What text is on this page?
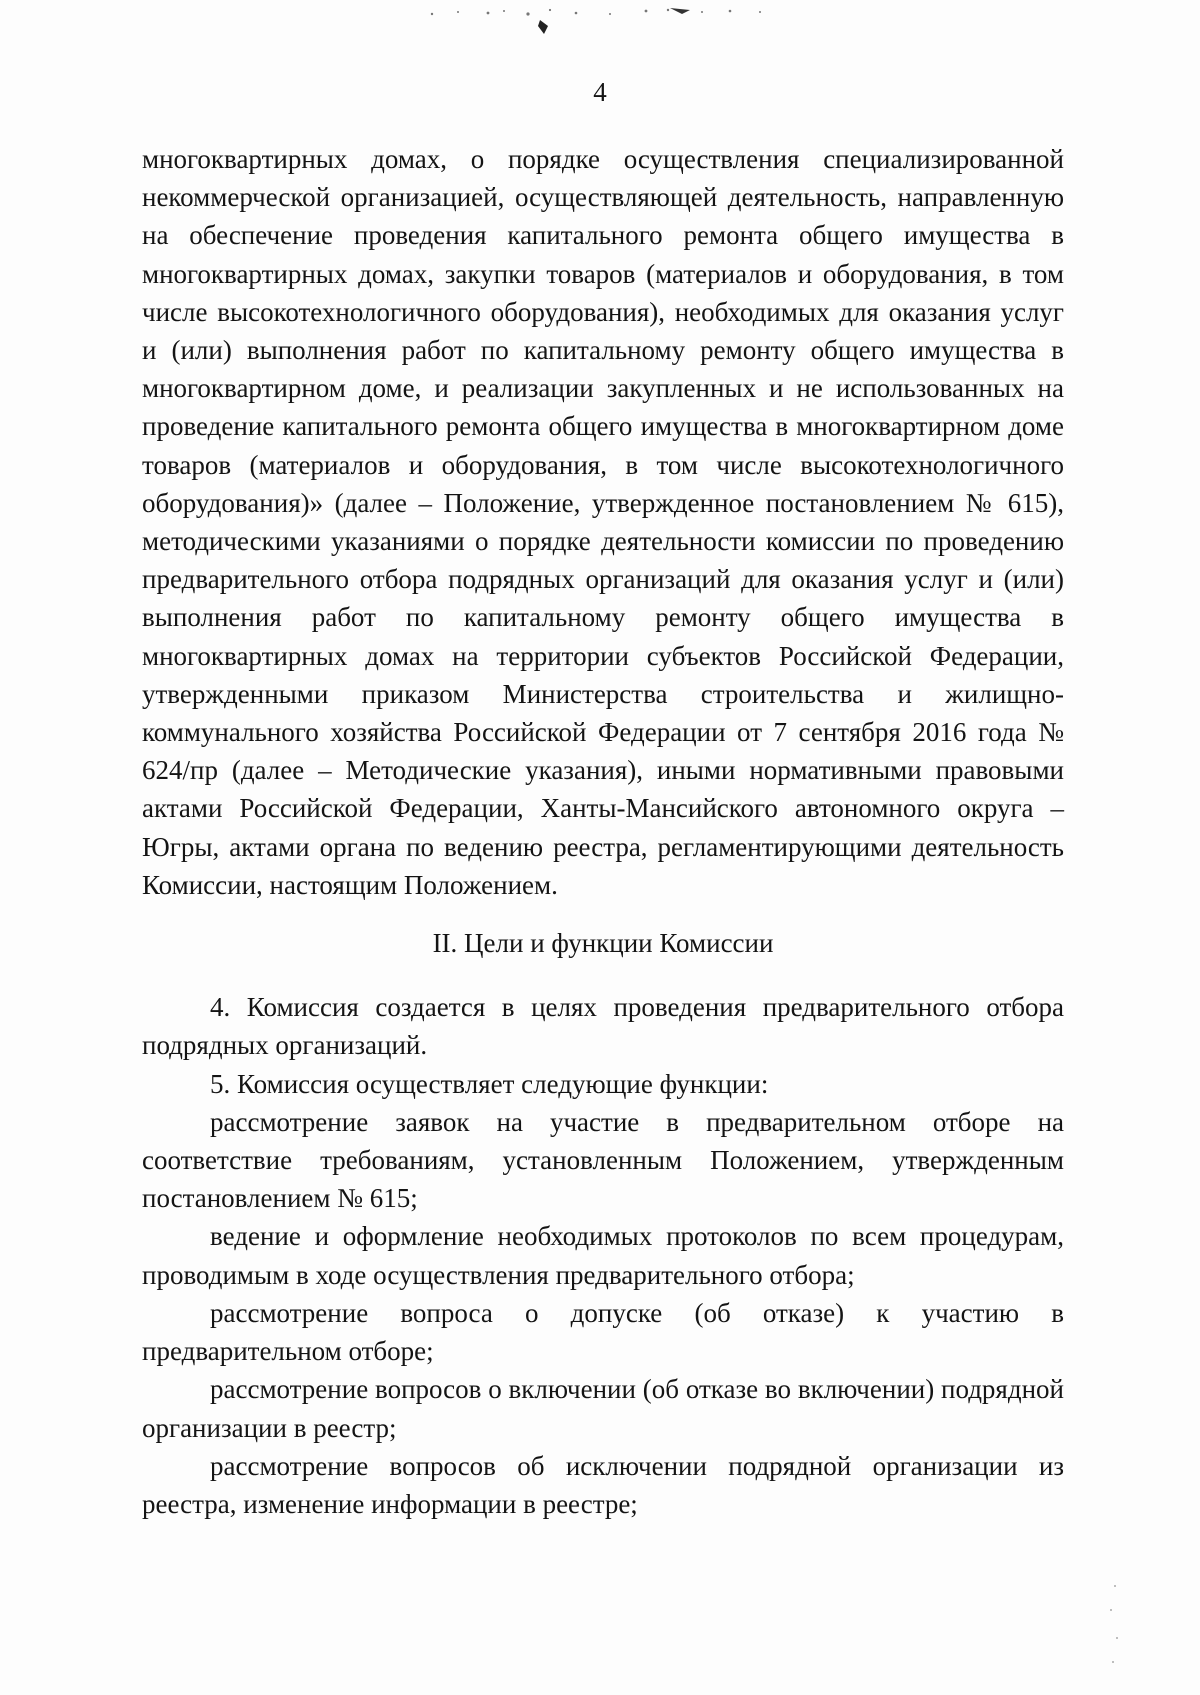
4

многоквартирных домах, о порядке осуществления специализированной некоммерческой организацией, осуществляющей деятельность, направленную на обеспечение проведения капитального ремонта общего имущества в многоквартирных домах, закупки товаров (материалов и оборудования, в том числе высокотехнологичного оборудования), необходимых для оказания услуг и (или) выполнения работ по капитальному ремонту общего имущества в многоквартирном доме, и реализации закупленных и не использованных на проведение капитального ремонта общего имущества в многоквартирном доме товаров (материалов и оборудования, в том числе высокотехнологичного оборудования)» (далее – Положение, утвержденное постановлением № 615), методическими указаниями о порядке деятельности комиссии по проведению предварительного отбора подрядных организаций для оказания услуг и (или) выполнения работ по капитальному ремонту общего имущества в многоквартирных домах на территории субъектов Российской Федерации, утвержденными приказом Министерства строительства и жилищно-коммунального хозяйства Российской Федерации от 7 сентября 2016 года № 624/пр (далее – Методические указания), иными нормативными правовыми актами Российской Федерации, Ханты-Мансийского автономного округа – Югры, актами органа по ведению реестра, регламентирующими деятельность Комиссии, настоящим Положением.

II. Цели и функции Комиссии

4. Комиссия создается в целях проведения предварительного отбора подрядных организаций.

5. Комиссия осуществляет следующие функции:

рассмотрение заявок на участие в предварительном отборе на соответствие требованиям, установленным Положением, утвержденным постановлением № 615;

ведение и оформление необходимых протоколов по всем процедурам, проводимым в ходе осуществления предварительного отбора;

рассмотрение вопроса о допуске (об отказе) к участию в предварительном отборе;

рассмотрение вопросов о включении (об отказе во включении) подрядной организации в реестр;

рассмотрение вопросов об исключении подрядной организации из реестра, изменение информации в реестре;
